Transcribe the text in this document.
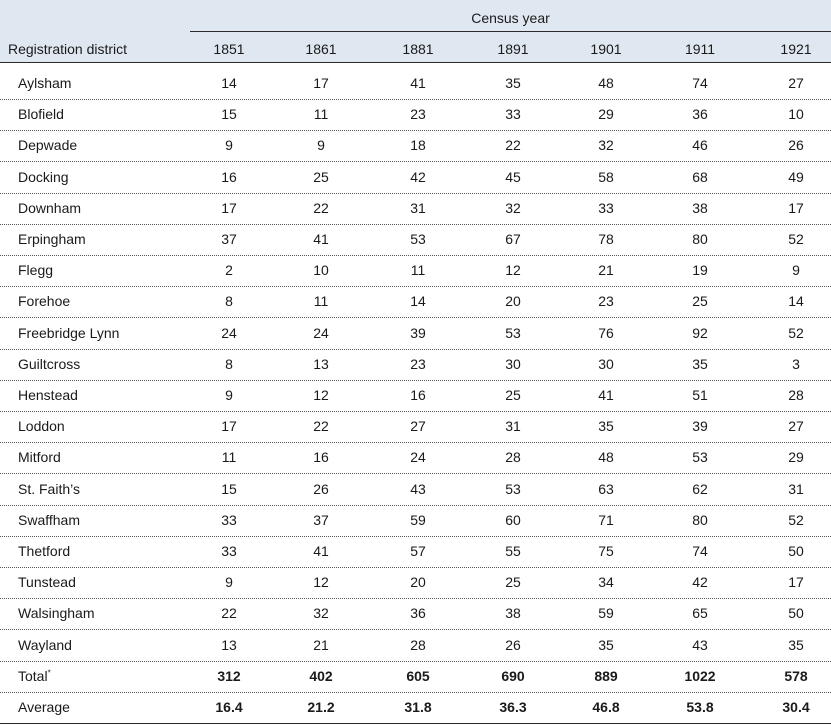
Census year
Registration district	1851	1861	1881	1891	1901	1911	1921
Aylsham	14	17	41	35	48	74	27
Blofield	15	11	23	33	29	36	10
Depwade	9	9	18	22	32	46	26
Docking	16	25	42	45	58	68	49
Downham	17	22	31	32	33	38	17
Erpingham	37	41	53	67	78	80	52
Flegg	2	10	11	12	21	19	9
Forehoe	8	11	14	20	23	25	14
Freebridge Lynn	24	24	39	53	76	92	52
Guiltcross	8	13	23	30	30	35	3
Henstead	9	12	16	25	41	51	28
Loddon	17	22	27	31	35	39	27
Mitford	11	16	24	28	48	53	29
St. Faith’s	15	26	43	53	63	62	31
Swaffham	33	37	59	60	71	80	52
Thetford	33	41	57	55	75	74	50
Tunstead	9	12	20	25	34	42	17
Walsingham	22	32	36	38	59	65	50
Wayland	13	21	28	26	35	43	35
Total*	312	402	605	690	889	1022	578
Average	16.4	21.2	31.8	36.3	46.8	53.8	30.4
